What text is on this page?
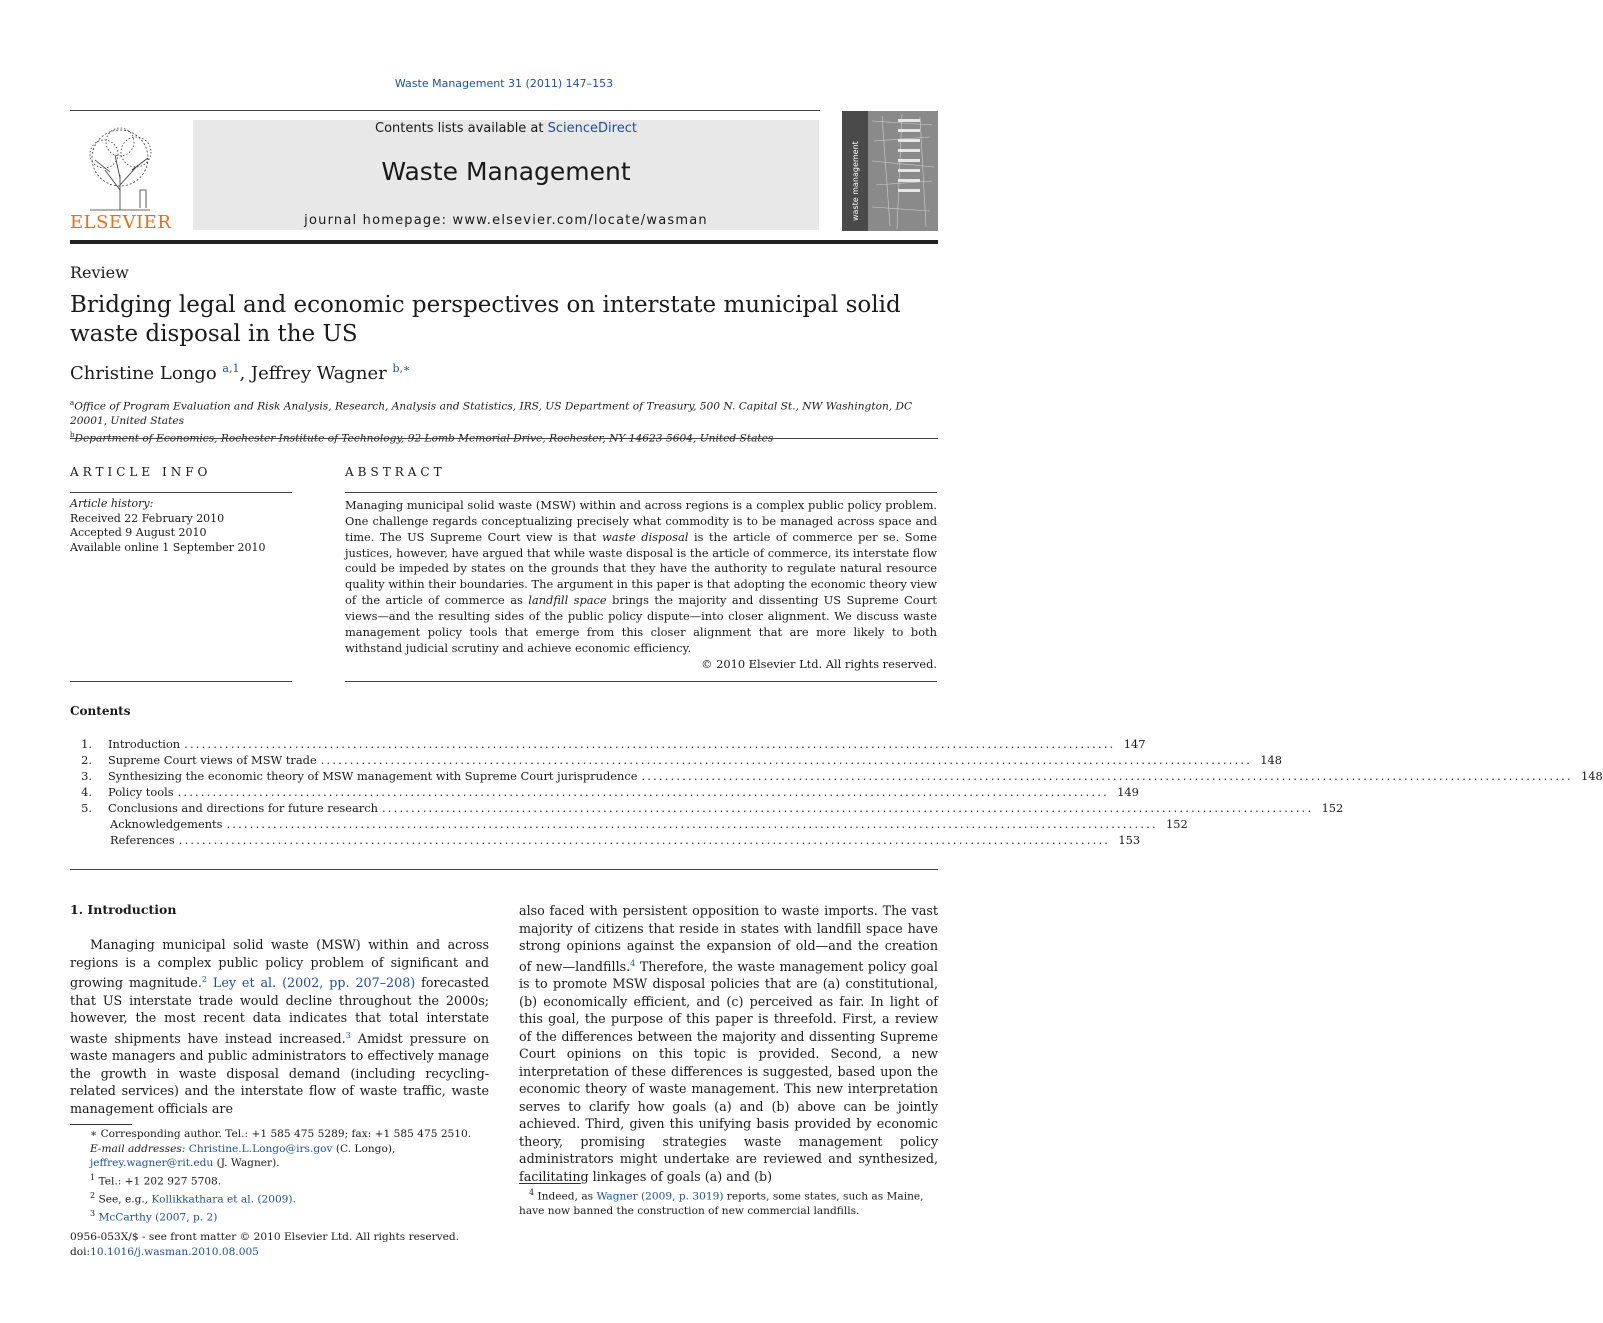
Waste Management 31 (2011) 147–153
ELSEVIER
Contents lists available at ScienceDirect
Waste Management
journal homepage: www.elsevier.com/locate/wasman	waste management
Review
Bridging legal and economic perspectives on interstate municipal solid waste disposal in the US
Christine Longo $^{a,1}$, Jeffrey Wagner $^{b,∗}$
$^a$Office of Program Evaluation and Risk Analysis, Research, Analysis and Statistics, IRS, US Department of Treasury, 500 N. Capital St., NW Washington, DC 20001, United States
$^b$Department of Economics, Rochester Institute of Technology, 92 Lomb Memorial Drive, Rochester, NY 14623-5604, United States
ARTICLE INFO	ABSTRACT
Article history:
Received 22 February 2010
Accepted 9 August 2010
Available online 1 September 2010
Managing municipal solid waste (MSW) within and across regions is a complex public policy problem. One challenge regards conceptualizing precisely what commodity is to be managed across space and time. The US Supreme Court view is that waste disposal is the article of commerce per se. Some justices, however, have argued that while waste disposal is the article of commerce, its interstate flow could be impeded by states on the grounds that they have the authority to regulate natural resource quality within their boundaries. The argument in this paper is that adopting the economic theory view of the article of commerce as landfill space brings the majority and dissenting US Supreme Court views—and the resulting sides of the public policy dispute—into closer alignment. We discuss waste management policy tools that emerge from this closer alignment that are more likely to both withstand judicial scrutiny and achieve economic efficiency.
© 2010 Elsevier Ltd. All rights reserved.
Contents
1. Introduction ................................................................................................................................................................ 147
2. Supreme Court views of MSW trade ................................................................................................................................................................ 148
3. Synthesizing the economic theory of MSW management with Supreme Court jurisprudence ................................................................................................................................................................ 148
4. Policy tools ................................................................................................................................................................ 149
5. Conclusions and directions for future research ................................................................................................................................................................ 152
Acknowledgements ................................................................................................................................................................ 152
References ................................................................................................................................................................ 153
1. Introduction
Managing municipal solid waste (MSW) within and across regions is a complex public policy problem of significant and growing magnitude.$^2$ Ley et al. (2002, pp. 207–208) forecasted that US interstate trade would decline throughout the 2000s; however, the most recent data indicates that total interstate waste shipments have instead increased.$^3$ Amidst pressure on waste managers and public administrators to effectively manage the growth in waste disposal demand (including recycling-related services) and the interstate flow of waste traffic, waste management officials are
also faced with persistent opposition to waste imports. The vast majority of citizens that reside in states with landfill space have strong opinions against the expansion of old—and the creation of new—landfills.$^4$ Therefore, the waste management policy goal is to promote MSW disposal policies that are (a) constitutional, (b) economically efficient, and (c) perceived as fair. In light of this goal, the purpose of this paper is threefold. First, a review of the differences between the majority and dissenting Supreme Court opinions on this topic is provided. Second, a new interpretation of these differences is suggested, based upon the economic theory of waste management. This new interpretation serves to clarify how goals (a) and (b) above can be jointly achieved. Third, given this unifying basis provided by economic theory, promising strategies waste management policy administrators might undertake are reviewed and synthesized, facilitating linkages of goals (a) and (b)
∗ Corresponding author. Tel.: +1 585 475 5289; fax: +1 585 475 2510.
E-mail addresses: Christine.L.Longo@irs.gov (C. Longo), jeffrey.wagner@rit.edu (J. Wagner).
$^1$ Tel.: +1 202 927 5708.
$^2$ See, e.g., Kollikkathara et al. (2009).
$^3$ McCarthy (2007, p. 2)
$^4$ Indeed, as Wagner (2009, p. 3019) reports, some states, such as Maine, have now banned the construction of new commercial landfills.
0956-053X/$ - see front matter © 2010 Elsevier Ltd. All rights reserved.
doi:10.1016/j.wasman.2010.08.005
